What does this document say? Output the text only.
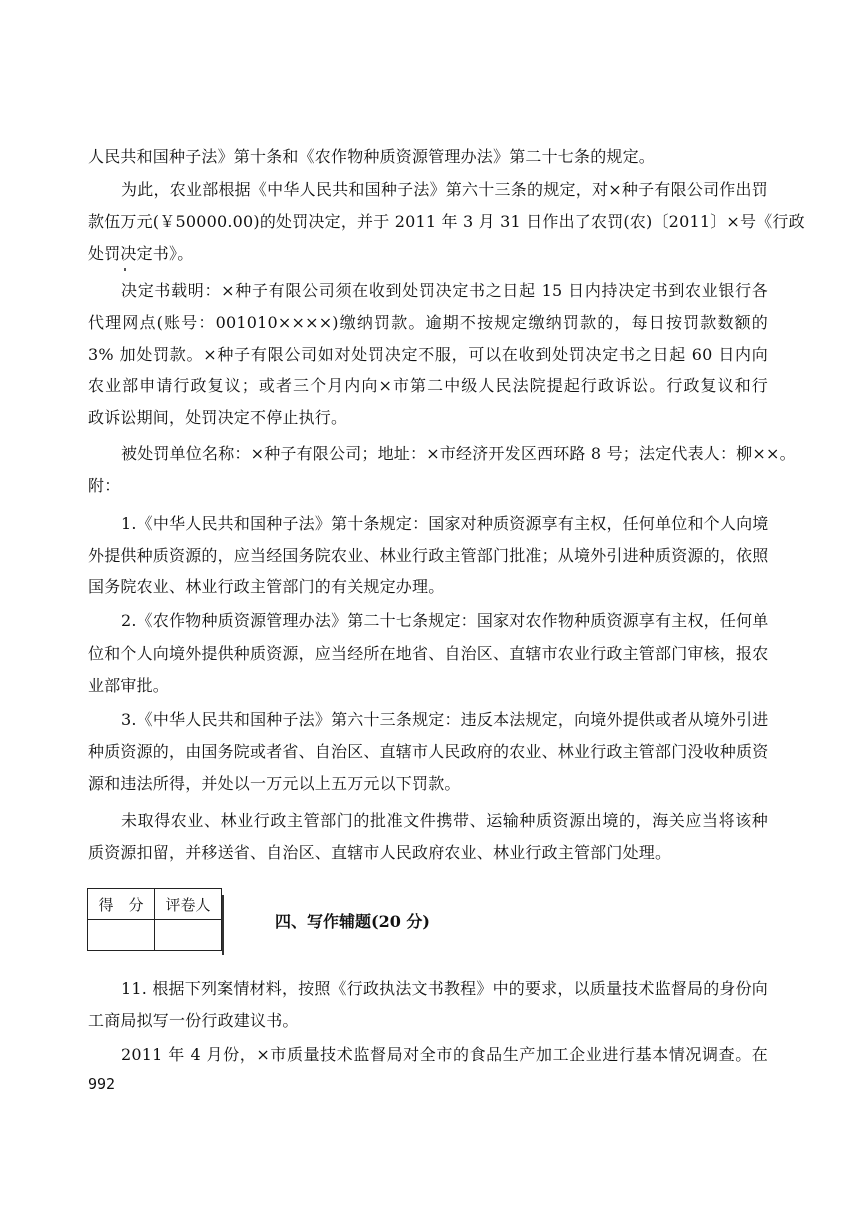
人民共和国种子法》第十条和《农作物种质资源管理办法》第二十七条的规定。
为此，农业部根据《中华人民共和国种子法》第六十三条的规定，对×种子有限公司作出罚
款伍万元(￥50000.00)的处罚决定，并于 2011 年 3 月 31 日作出了农罚(农)〔2011〕×号《行政
处罚决定书》。
决定书载明：×种子有限公司须在收到处罚决定书之日起 15 日内持决定书到农业银行各
代理网点(账号：001010××××)缴纳罚款。逾期不按规定缴纳罚款的，每日按罚款数额的
3% 加处罚款。×种子有限公司如对处罚决定不服，可以在收到处罚决定书之日起 60 日内向
农业部申请行政复议；或者三个月内向×市第二中级人民法院提起行政诉讼。行政复议和行
政诉讼期间，处罚决定不停止执行。
被处罚单位名称：×种子有限公司；地址：×市经济开发区西环路 8 号；法定代表人：柳××。
附：
1.《中华人民共和国种子法》第十条规定：国家对种质资源享有主权，任何单位和个人向境
外提供种质资源的，应当经国务院农业、林业行政主管部门批准；从境外引进种质资源的，依照
国务院农业、林业行政主管部门的有关规定办理。
2.《农作物种质资源管理办法》第二十七条规定：国家对农作物种质资源享有主权，任何单
位和个人向境外提供种质资源，应当经所在地省、自治区、直辖市农业行政主管部门审核，报农
业部审批。
3.《中华人民共和国种子法》第六十三条规定：违反本法规定，向境外提供或者从境外引进
种质资源的，由国务院或者省、自治区、直辖市人民政府的农业、林业行政主管部门没收种质资
源和违法所得，并处以一万元以上五万元以下罚款。
未取得农业、林业行政主管部门的批准文件携带、运输种质资源出境的，海关应当将该种
质资源扣留，并移送省、自治区、直辖市人民政府农业、林业行政主管部门处理。
得　分	评卷人

四、写作辅题(20 分)
11. 根据下列案情材料，按照《行政执法文书教程》中的要求，以质量技术监督局的身份向
工商局拟写一份行政建议书。
2011 年 4 月份，×市质量技术监督局对全市的食品生产加工企业进行基本情况调查。在
992
